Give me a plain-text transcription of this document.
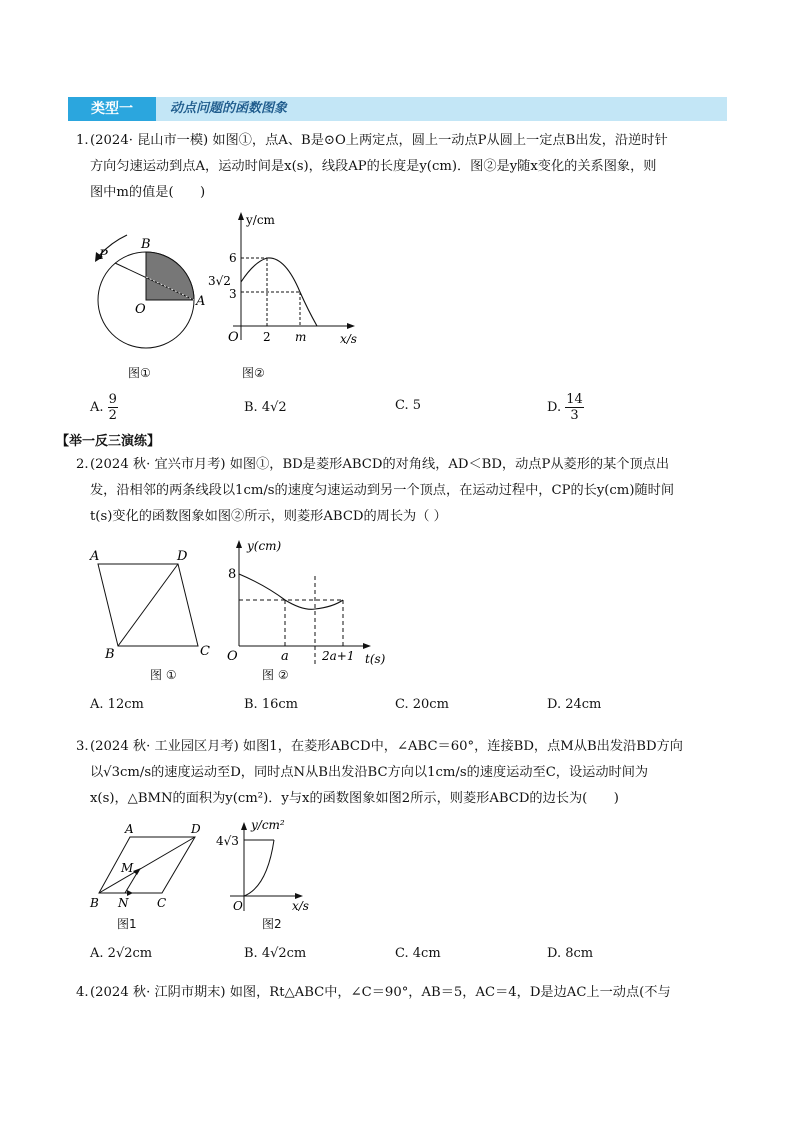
类型一	动点问题的函数图象
1.(2024· 昆山市一模) 如图①，点A、B是⊙O上两定点，圆上一动点P从圆上一定点B出发，沿逆时针
方向匀速运动到点A，运动时间是x(s)，线段AP的长度是y(cm)．图②是y随x变化的关系图象，则
图中m的值是(　　)
P
B
O
A
图①
y/cm
6
3√2
3
O 2 m	x/s
图②
A. $\frac{9}{2}$	B. 4√2	C. 5	D. $\frac{14}{3}$
【举一反三演练】
2.(2024 秋· 宜兴市月考) 如图①，BD是菱形ABCD的对角线，AD＜BD，动点P从菱形的某个顶点出
发，沿相邻的两条线段以1cm/s的速度匀速运动到另一个顶点，在运动过程中，CP的长y(cm)随时间
t(s)变化的函数图象如图②所示，则菱形ABCD的周长为（ ）
A	D
B	C
图 ①
y(cm)
8
O	a	2a+1 t(s)
图 ②
A. 12cm	B. 16cm	C. 20cm	D. 24cm
3.(2024 秋· 工业园区月考) 如图1，在菱形ABCD中，∠ABC＝60°，连接BD，点M从B出发沿BD方向
以√3cm/s的速度运动至D，同时点N从B出发沿BC方向以1cm/s的速度运动至C，设运动时间为
x(s)，△BMN的面积为y(cm²)．y与x的函数图象如图2所示，则菱形ABCD的边长为(　　)
A	D
M
B N C
图1
y/cm²
4√3
O	x/s
图2
A. 2√2cm	B. 4√2cm	C. 4cm	D. 8cm
4.(2024 秋· 江阴市期末) 如图，Rt△ABC中，∠C＝90°，AB＝5，AC＝4，D是边AC上一动点(不与
